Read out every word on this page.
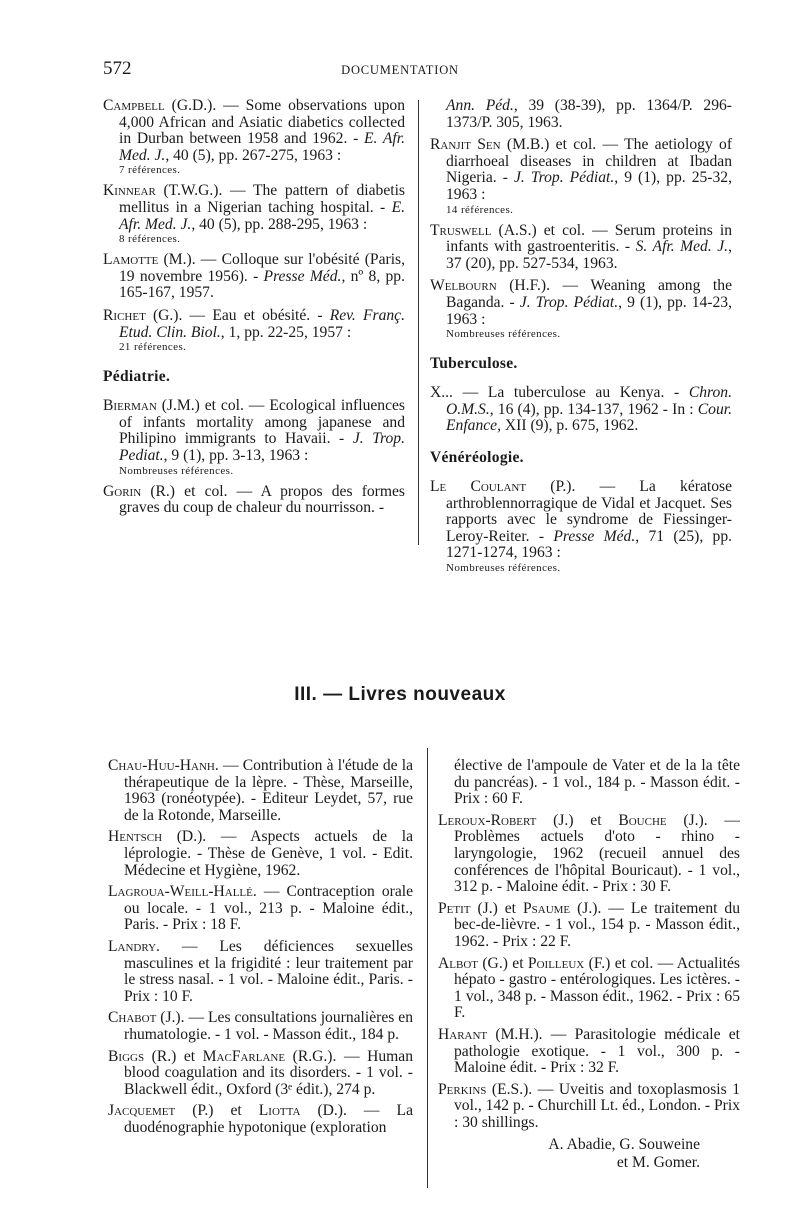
572	DOCUMENTATION
Campbell (G.D.). — Some observations upon 4,000 African and Asiatic diabetics collected in Durban between 1958 and 1962. - E. Afr. Med. J., 40 (5), pp. 267-275, 1963 :
7 références.
Kinnear (T.W.G.). — The pattern of diabetis mellitus in a Nigerian taching hospital. - E. Afr. Med. J., 40 (5), pp. 288-295, 1963 :
8 références.
Lamotte (M.). — Colloque sur l'obésité (Paris, 19 novembre 1956). - Presse Méd., nº 8, pp. 165-167, 1957.
Richet (G.). — Eau et obésité. - Rev. Franç. Etud. Clin. Biol., 1, pp. 22-25, 1957 :
21 références.
Pédiatrie.
Bierman (J.M.) et col. — Ecological influences of infants mortality among japanese and Philipino immigrants to Havaii. - J. Trop. Pediat., 9 (1), pp. 3-13, 1963 :
Nombreuses références.
Gorin (R.) et col. — A propos des formes graves du coup de chaleur du nourrisson. -
Ann. Péd., 39 (38-39), pp. 1364/P. 296-1373/P. 305, 1963.
Ranjit Sen (M.B.) et col. — The aetiology of diarrhoeal diseases in children at Ibadan Nigeria. - J. Trop. Pédiat., 9 (1), pp. 25-32, 1963 :
14 références.
Truswell (A.S.) et col. — Serum proteins in infants with gastroenteritis. - S. Afr. Med. J., 37 (20), pp. 527-534, 1963.
Welbourn (H.F.). — Weaning among the Baganda. - J. Trop. Pédiat., 9 (1), pp. 14-23, 1963 :
Nombreuses références.
Tuberculose.
X... — La tuberculose au Kenya. - Chron. O.M.S., 16 (4), pp. 134-137, 1962 - In : Cour. Enfance, XII (9), p. 675, 1962.
Vénéréologie.
Le Coulant (P.). — La kératose arthroblennorragique de Vidal et Jacquet. Ses rapports avec le syndrome de Fiessinger-Leroy-Reiter. - Presse Méd., 71 (25), pp. 1271-1274, 1963 :
Nombreuses références.
III. — Livres nouveaux
Chau-Huu-Hanh. — Contribution à l'étude de la thérapeutique de la lèpre. - Thèse, Marseille, 1963 (ronéotypée). - Editeur Leydet, 57, rue de la Rotonde, Marseille.
Hentsch (D.). — Aspects actuels de la léprologie. - Thèse de Genève, 1 vol. - Edit. Médecine et Hygiène, 1962.
Lagroua-Weill-Hallé. — Contraception orale ou locale. - 1 vol., 213 p. - Maloine édit., Paris. - Prix : 18 F.
Landry. — Les déficiences sexuelles masculines et la frigidité : leur traitement par le stress nasal. - 1 vol. - Maloine édit., Paris. - Prix : 10 F.
Chabot (J.). — Les consultations journalières en rhumatologie. - 1 vol. - Masson édit., 184 p.
Biggs (R.) et MacFarlane (R.G.). — Human blood coagulation and its disorders. - 1 vol. - Blackwell édit., Oxford (3ᵉ édit.), 274 p.
Jacquemet (P.) et Liotta (D.). — La duodénographie hypotonique (exploration
élective de l'ampoule de Vater et de la la tête du pancréas). - 1 vol., 184 p. - Masson édit. - Prix : 60 F.
Leroux-Robert (J.) et Bouche (J.). — Problèmes actuels d'oto - rhino - laryngologie, 1962 (recueil annuel des conférences de l'hôpital Bouricaut). - 1 vol., 312 p. - Maloine édit. - Prix : 30 F.
Petit (J.) et Psaume (J.). — Le traitement du bec-de-lièvre. - 1 vol., 154 p. - Masson édit., 1962. - Prix : 22 F.
Albot (G.) et Poilleux (F.) et col. — Actualités hépato - gastro - entérologiques. Les ictères. - 1 vol., 348 p. - Masson édit., 1962. - Prix : 65 F.
Harant (M.H.). — Parasitologie médicale et pathologie exotique. - 1 vol., 300 p. - Maloine édit. - Prix : 32 F.
Perkins (E.S.). — Uveitis and toxoplasmosis 1 vol., 142 p. - Churchill Lt. éd., London. - Prix : 30 shillings.
A. Abadie, G. Souweine
et M. Gomer.
